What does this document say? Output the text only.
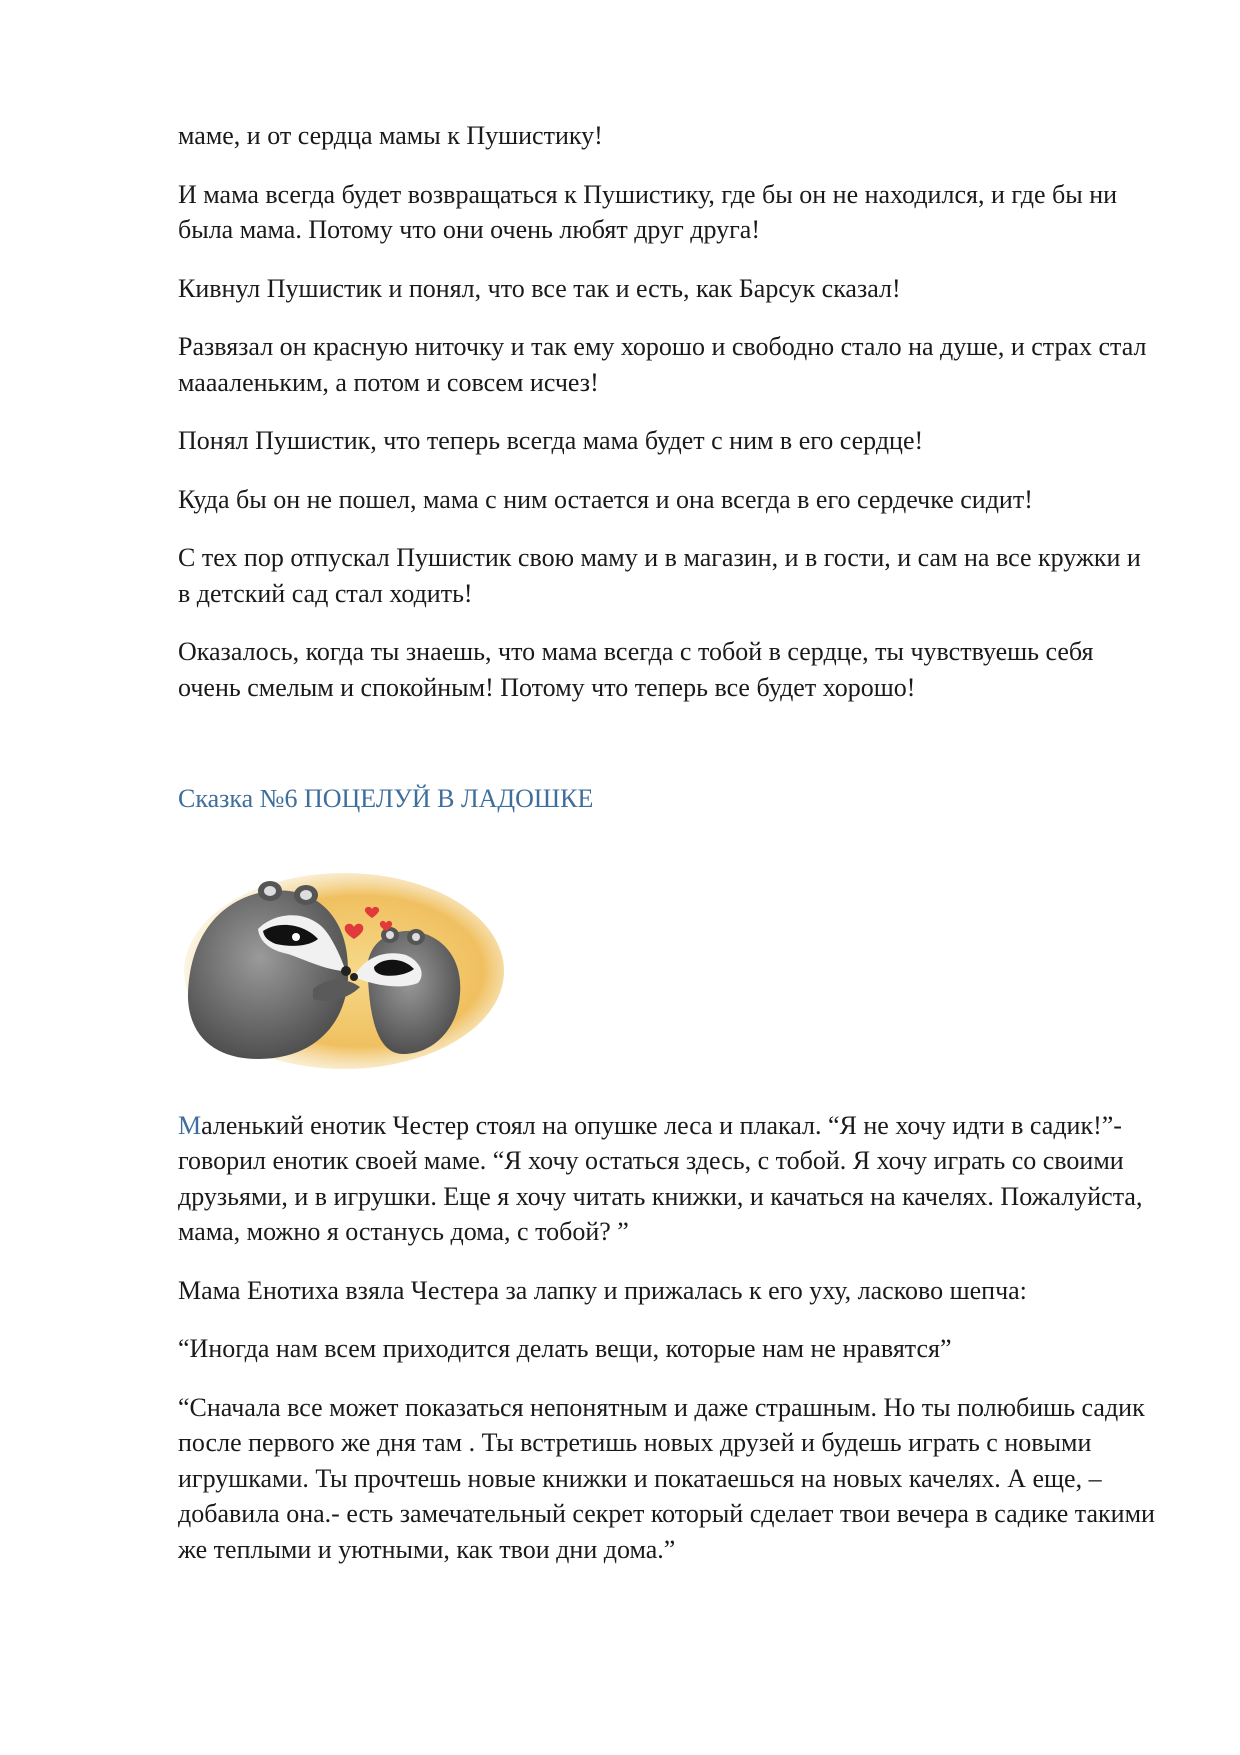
маме, и от сердца мамы к Пушистику!

И мама всегда будет возвращаться к Пушистику, где бы он не находился, и где бы ни была мама. Потому что они очень любят друг друга!

Кивнул Пушистик и понял, что все так и есть, как Барсук сказал!

Развязал он красную ниточку и так ему хорошо и свободно стало на душе, и страх стал маааленьким, а потом и совсем исчез!

Понял Пушистик, что теперь всегда мама будет с ним в его сердце!

Куда бы он не пошел, мама с ним остается и она всегда в его сердечке сидит!

С тех пор отпускал Пушистик свою маму и в магазин, и в гости, и сам на все кружки и в детский сад стал ходить!

Оказалось, когда ты знаешь, что мама всегда с тобой в сердце, ты чувствуешь себя очень смелым и спокойным! Потому что теперь все будет хорошо!

Сказка №6 ПОЦЕЛУЙ В ЛАДОШКЕ

Маленький енотик Честер стоял на опушке леса и плакал. “Я не хочу идти в садик!”- говорил енотик своей маме. “Я хочу остаться здесь, с тобой. Я хочу играть со своими друзьями, и в игрушки. Еще я хочу читать книжки, и качаться на качелях. Пожалуйста, мама, можно я останусь дома, с тобой? ”

Мама Енотиха взяла Честера за лапку и прижалась к его уху, ласково шепча:

“Иногда нам всем приходится делать вещи, которые нам не нравятся”

“Сначала все может показаться непонятным и даже страшным. Но ты полюбишь садик после первого же дня там . Ты встретишь новых друзей и будешь играть с новыми игрушками. Ты прочтешь новые книжки и покатаешься на новых качелях. А еще, – добавила она.- есть замечательный секрет который сделает твои вечера в садике такими же теплыми и уютными, как твои дни дома.”
